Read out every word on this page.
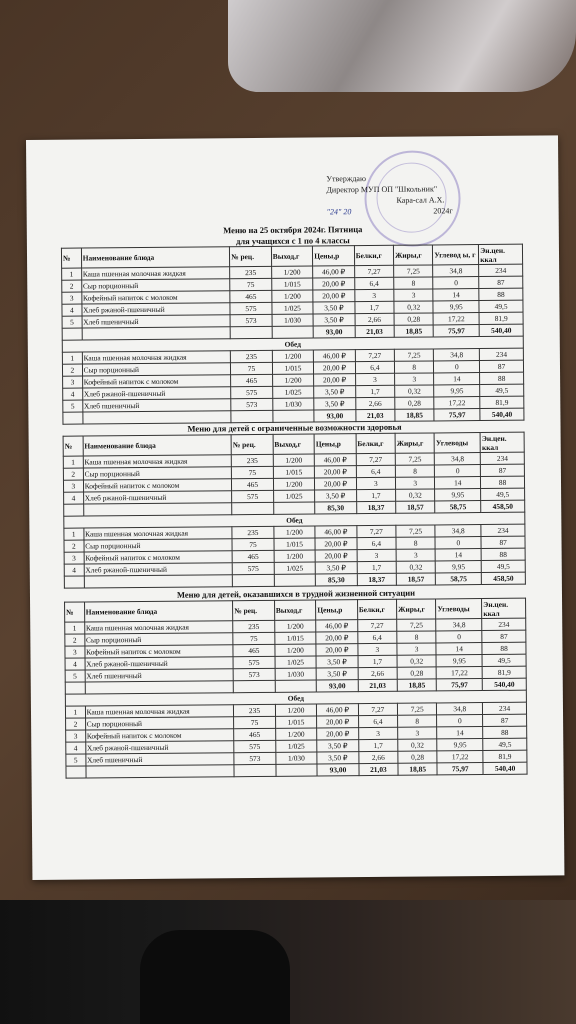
Утверждаю
Директор МУП ОП "Школьник"
Кара-сал А.Х.
"24" 20	2024г
Меню на 25 октября 2024г. Пятница
для учащихся с 1 по 4 классы
№	Наименование блюда	№ рец.	Выход,г	Цены,р	Белки,г	Жиры,г	Углевод ы, г	Эн.цен. ккал
1	Каша пшенная молочная жидкая	235	1/200	46,00 ₽	7,27	7,25	34,8	234
2	Сыр порционный	75	1/015	20,00 ₽	6,4	8	0	87
3	Кофейный напиток с молоком	465	1/200	20,00 ₽	3	3	14	88
4	Хлеб ржаной-пшеничный	575	1/025	3,50 ₽	1,7	0,32	9,95	49,5
5	Хлеб пшеничный	573	1/030	3,50 ₽	2,66	0,28	17,22	81,9
				93,00	21,03	18,85	75,97	540,40
Обед								
1	Каша пшенная молочная жидкая	235	1/200	46,00 ₽	7,27	7,25	34,8	234
2	Сыр порционный	75	1/015	20,00 ₽	6,4	8	0	87
3	Кофейный напиток с молоком	465	1/200	20,00 ₽	3	3	14	88
4	Хлеб ржаной-пшеничный	575	1/025	3,50 ₽	1,7	0,32	9,95	49,5
5	Хлеб пшеничный	573	1/030	3,50 ₽	2,66	0,28	17,22	81,9
				93,00	21,03	18,85	75,97	540,40
Меню для детей с ограниченные возможности здоровья
№	Наименование блюда	№ рец.	Выход,г	Цены,р	Белки,г	Жиры,г	Углеводы	Эн.цен. ккал
1	Каша пшенная молочная жидкая	235	1/200	46,00 ₽	7,27	7,25	34,8	234
2	Сыр порционный	75	1/015	20,00 ₽	6,4	8	0	87
3	Кофейный напиток с молоком	465	1/200	20,00 ₽	3	3	14	88
4	Хлеб ржаной-пшеничный	575	1/025	3,50 ₽	1,7	0,32	9,95	49,5
				85,30	18,37	18,57	58,75	458,50
Обед								
1	Каша пшенная молочная жидкая	235	1/200	46,00 ₽	7,27	7,25	34,8	234
2	Сыр порционный	75	1/015	20,00 ₽	6,4	8	0	87
3	Кофейный напиток с молоком	465	1/200	20,00 ₽	3	3	14	88
4	Хлеб ржаной-пшеничный	575	1/025	3,50 ₽	1,7	0,32	9,95	49,5
				85,30	18,37	18,57	58,75	458,50
Меню для детей, оказавшихся в трудной жизненной ситуации
№	Наименование блюда	№ рец.	Выход,г	Цены,р	Белки,г	Жиры,г	Углеводы	Эн.цен. ккал
1	Каша пшенная молочная жидкая	235	1/200	46,00 ₽	7,27	7,25	34,8	234
2	Сыр порционный	75	1/015	20,00 ₽	6,4	8	0	87
3	Кофейный напиток с молоком	465	1/200	20,00 ₽	3	3	14	88
4	Хлеб ржаной-пшеничный	575	1/025	3,50 ₽	1,7	0,32	9,95	49,5
5	Хлеб пшеничный	573	1/030	3,50 ₽	2,66	0,28	17,22	81,9
				93,00	21,03	18,85	75,97	540,40
Обед								
1	Каша пшенная молочная жидкая	235	1/200	46,00 ₽	7,27	7,25	34,8	234
2	Сыр порционный	75	1/015	20,00 ₽	6,4	8	0	87
3	Кофейный напиток с молоком	465	1/200	20,00 ₽	3	3	14	88
4	Хлеб ржаной-пшеничный	575	1/025	3,50 ₽	1,7	0,32	9,95	49,5
5	Хлеб пшеничный	573	1/030	3,50 ₽	2,66	0,28	17,22	81,9
				93,00	21,03	18,85	75,97	540,40
